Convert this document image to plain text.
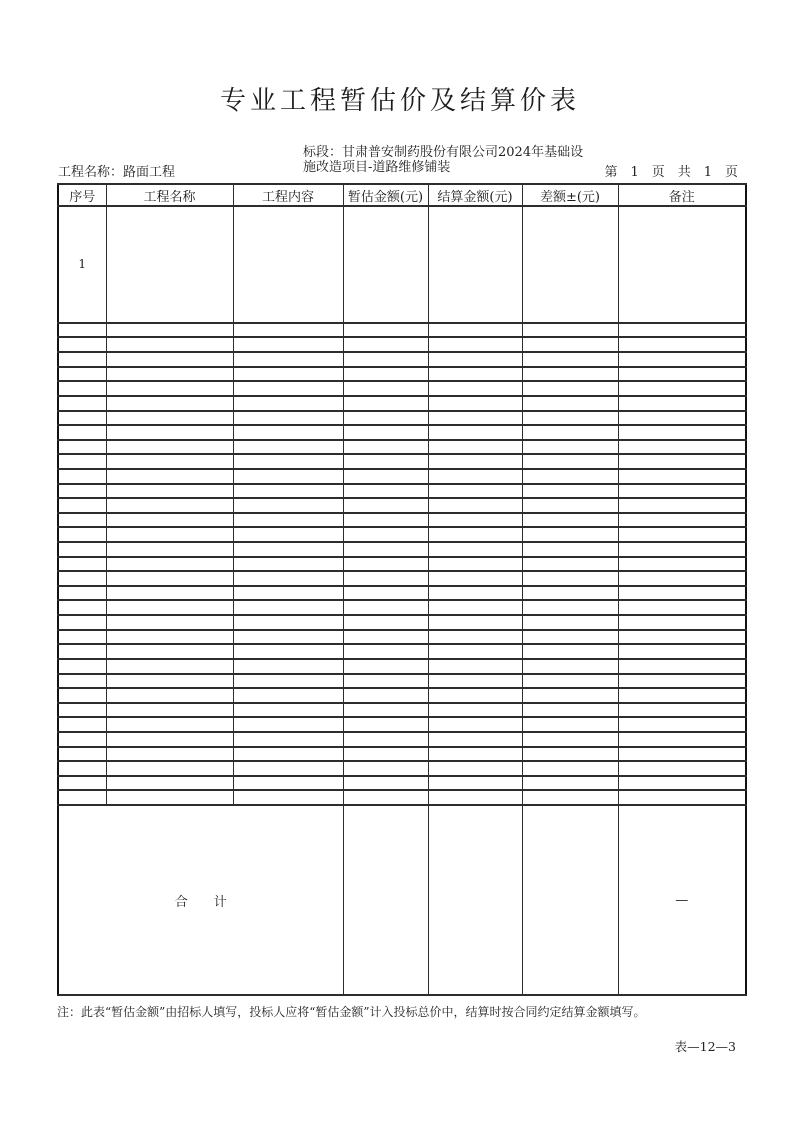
专业工程暂估价及结算价表
工程名称：路面工程
标段：甘肃普安制药股份有限公司2024年基础设
施改造项目-道路维修铺装	第　1　页　共　1　页
序号	工程名称	工程内容	暂估金额(元)	结算金额(元)	差额±(元)	备注
1						

合　　计						—
注：此表“暂估金额”由招标人填写，投标人应将“暂估金额”计入投标总价中，结算时按合同约定结算金额填写。
表—12—3
